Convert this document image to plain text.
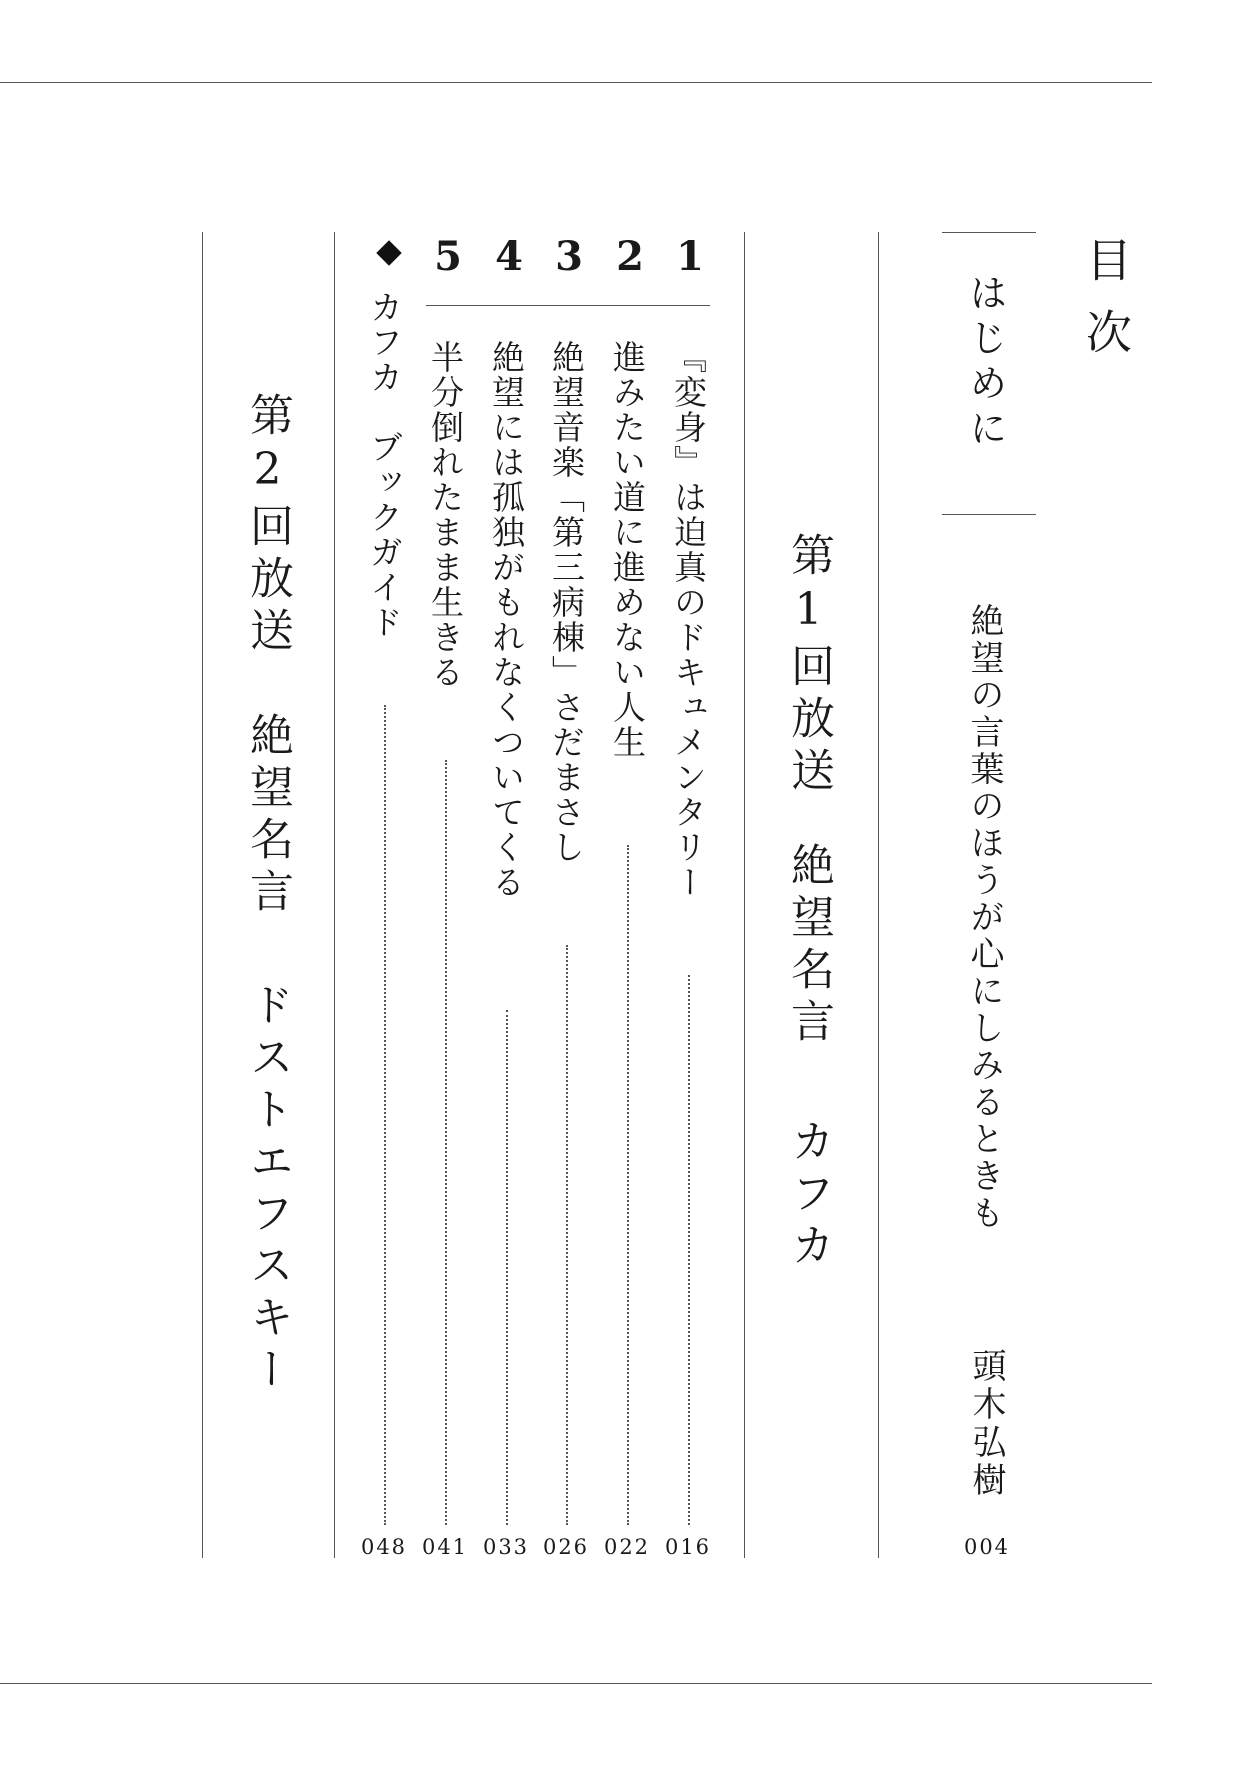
目次
はじめに
絶望の言葉のほうが心にしみるときも
頭木弘樹
004
第1回放送
絶望名言
カフカ
1
2
3
4
5
『変身』は迫真のドキュメンタリー
016
進みたい道に進めない人生
022
絶望音楽「第三病棟」さだまさし
026
絶望には孤独がもれなくついてくる
033
半分倒れたまま生きる
041
カフカ　ブックガイド
048
第2回放送
絶望名言
ドストエフスキー
